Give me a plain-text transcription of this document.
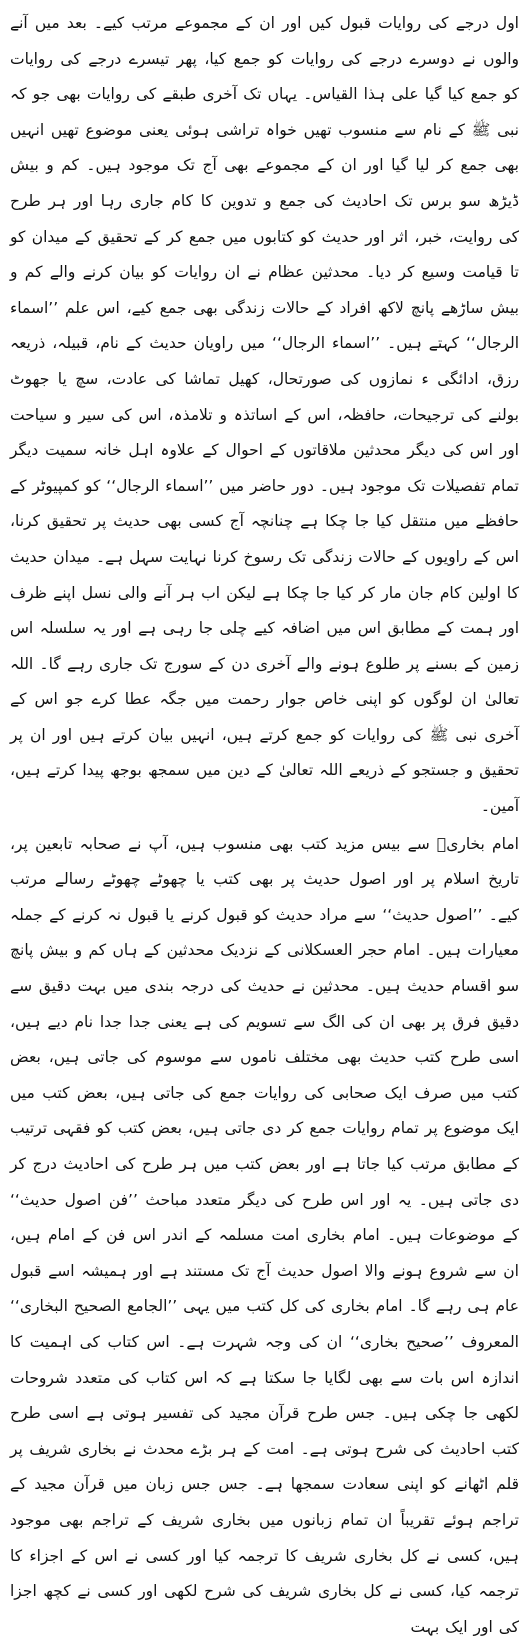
اول درجے کی روایات قبول کیں اور ان کے مجموعے مرتب کیے۔ بعد میں آنے والوں نے دوسرے درجے کی روایات کو جمع کیا، پھر تیسرے درجے کی روایات کو جمع کیا گیا علی ہذا القیاس۔ یہاں تک آخری طبقے کی روایات بھی جو کہ نبی ﷺ کے نام سے منسوب تھیں خواہ تراشی ہوئی یعنی موضوع تھیں انہیں بھی جمع کر لیا گیا اور ان کے مجموعے بھی آج تک موجود ہیں۔ کم و بیش ڈیڑھ سو برس تک احادیث کی جمع و تدوین کا کام جاری رہا اور ہر طرح کی روایت، خبر، اثر اور حدیث کو کتابوں میں جمع کر کے تحقیق کے میدان کو تا قیامت وسیع کر دیا۔ محدثین عظام نے ان روایات کو بیان کرنے والے کم و بیش ساڑھے پانچ لاکھ افراد کے حالات زندگی بھی جمع کیے، اس علم ’’اسماء الرجال‘‘ کہتے ہیں۔ ’’اسماء الرجال‘‘ میں راویان حدیث کے نام، قبیلہ، ذریعہ رزق، ادائگی ء نمازوں کی صورتحال، کھیل تماشا کی عادت، سچ یا جھوٹ بولنے کی ترجیحات، حافظہ، اس کے اساتذہ و تلامذہ، اس کی سیر و سیاحت اور اس کی دیگر محدثین ملاقاتوں کے احوال کے علاوہ اہل خانہ سمیت دیگر تمام تفصیلات تک موجود ہیں۔ دور حاضر میں ’’اسماء الرجال‘‘ کو کمپیوٹر کے حافظے میں منتقل کیا جا چکا ہے چنانچہ آج کسی بھی حدیث پر تحقیق کرنا، اس کے راویوں کے حالات زندگی تک رسوخ کرنا نہایت سہل ہے۔ میدان حدیث کا اولین کام جان مار کر کیا جا چکا ہے لیکن اب ہر آنے والی نسل اپنے ظرف اور ہمت کے مطابق اس میں اضافہ کیے چلی جا رہی ہے اور یہ سلسلہ اس زمین کے بسنے پر طلوع ہونے والے آخری دن کے سورج تک جاری رہے گا۔ اللہ تعالیٰ ان لوگوں کو اپنی خاص جوار رحمت میں جگہ عطا کرے جو اس کے آخری نبی ﷺ کی روایات کو جمع کرتے ہیں، انہیں بیان کرتے ہیں اور ان پر تحقیق و جستجو کے ذریعے اللہ تعالیٰ کے دین میں سمجھ بوجھ پیدا کرتے ہیں، آمین۔

امام بخاریؒ سے بیس مزید کتب بھی منسوب ہیں، آپ نے صحابہ تابعین پر، تاریخ اسلام پر اور اصول حدیث پر بھی کتب یا چھوٹے چھوٹے رسالے مرتب کیے۔ ’’اصول حدیث‘‘ سے مراد حدیث کو قبول کرنے یا قبول نہ کرنے کے جملہ معیارات ہیں۔ امام حجر العسکلانی کے نزدیک محدثین کے ہاں کم و بیش پانچ سو اقسام حدیث ہیں۔ محدثین نے حدیث کی درجہ بندی میں بہت دقیق سے دقیق فرق پر بھی ان کی الگ سے تسویم کی ہے یعنی جدا جدا نام دیے ہیں، اسی طرح کتب حدیث بھی مختلف ناموں سے موسوم کی جاتی ہیں، بعض کتب میں صرف ایک صحابی کی روایات جمع کی جاتی ہیں، بعض کتب میں ایک موضوع پر تمام روایات جمع کر دی جاتی ہیں، بعض کتب کو فقہی ترتیب کے مطابق مرتب کیا جاتا ہے اور بعض کتب میں ہر طرح کی احادیث درج کر دی جاتی ہیں۔ یہ اور اس طرح کی دیگر متعدد مباحث ’’فن اصول حدیث‘‘ کے موضوعات ہیں۔ امام بخاری امت مسلمہ کے اندر اس فن کے امام ہیں، ان سے شروع ہونے والا اصول حدیث آج تک مستند ہے اور ہمیشہ اسے قبول عام ہی رہے گا۔ امام بخاری کی کل کتب میں یہی ’’الجامع الصحیح البخاری‘‘ المعروف ’’صحیح بخاری‘‘ ان کی وجہ شہرت ہے۔ اس کتاب کی اہمیت کا اندازہ اس بات سے بھی لگایا جا سکتا ہے کہ اس کتاب کی متعدد شروحات لکھی جا چکی ہیں۔ جس طرح قرآن مجید کی تفسیر ہوتی ہے اسی طرح کتب احادیث کی شرح ہوتی ہے۔ امت کے ہر بڑے محدث نے بخاری شریف پر قلم اٹھانے کو اپنی سعادت سمجھا ہے۔ جس جس زبان میں قرآن مجید کے تراجم ہوئے تقریباً ان تمام زبانوں میں بخاری شریف کے تراجم بھی موجود ہیں، کسی نے کل بخاری شریف کا ترجمہ کیا اور کسی نے اس کے اجزاء کا ترجمہ کیا، کسی نے کل بخاری شریف کی شرح لکھی اور کسی نے کچھ اجزا کی اور ایک بہت
